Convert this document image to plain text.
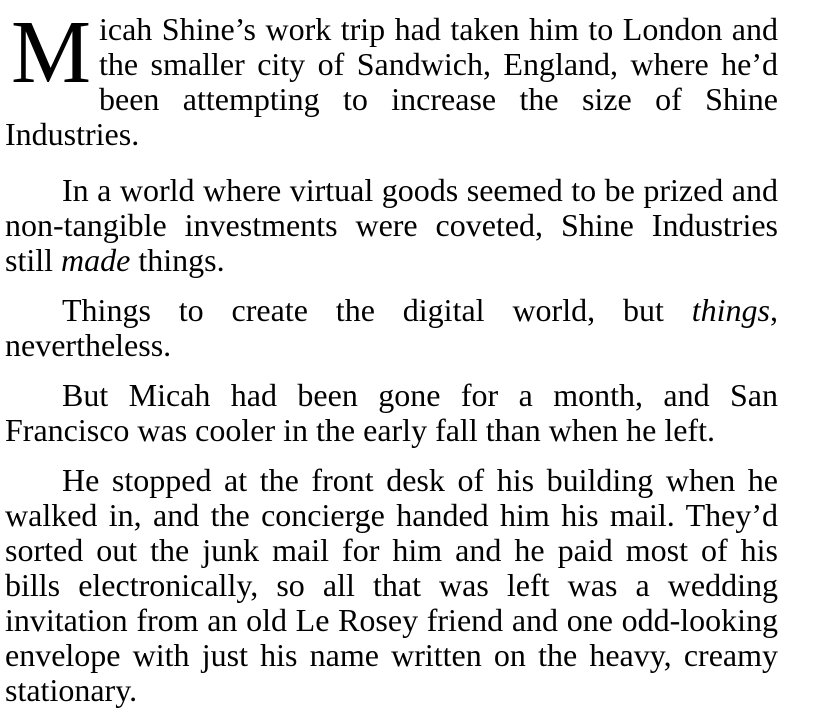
Micah Shine’s work trip had taken him to London and the smaller city of Sandwich, England, where he’d been attempting to increase the size of Shine Industries.

In a world where virtual goods seemed to be prized and non-tangible investments were coveted, Shine Industries still made things.

Things to create the digital world, but things, nevertheless.

But Micah had been gone for a month, and San Francisco was cooler in the early fall than when he left.

He stopped at the front desk of his building when he walked in, and the concierge handed him his mail. They’d sorted out the junk mail for him and he paid most of his bills electronically, so all that was left was a wedding invitation from an old Le Rosey friend and one odd-looking envelope with just his name written on the heavy, creamy stationary.
